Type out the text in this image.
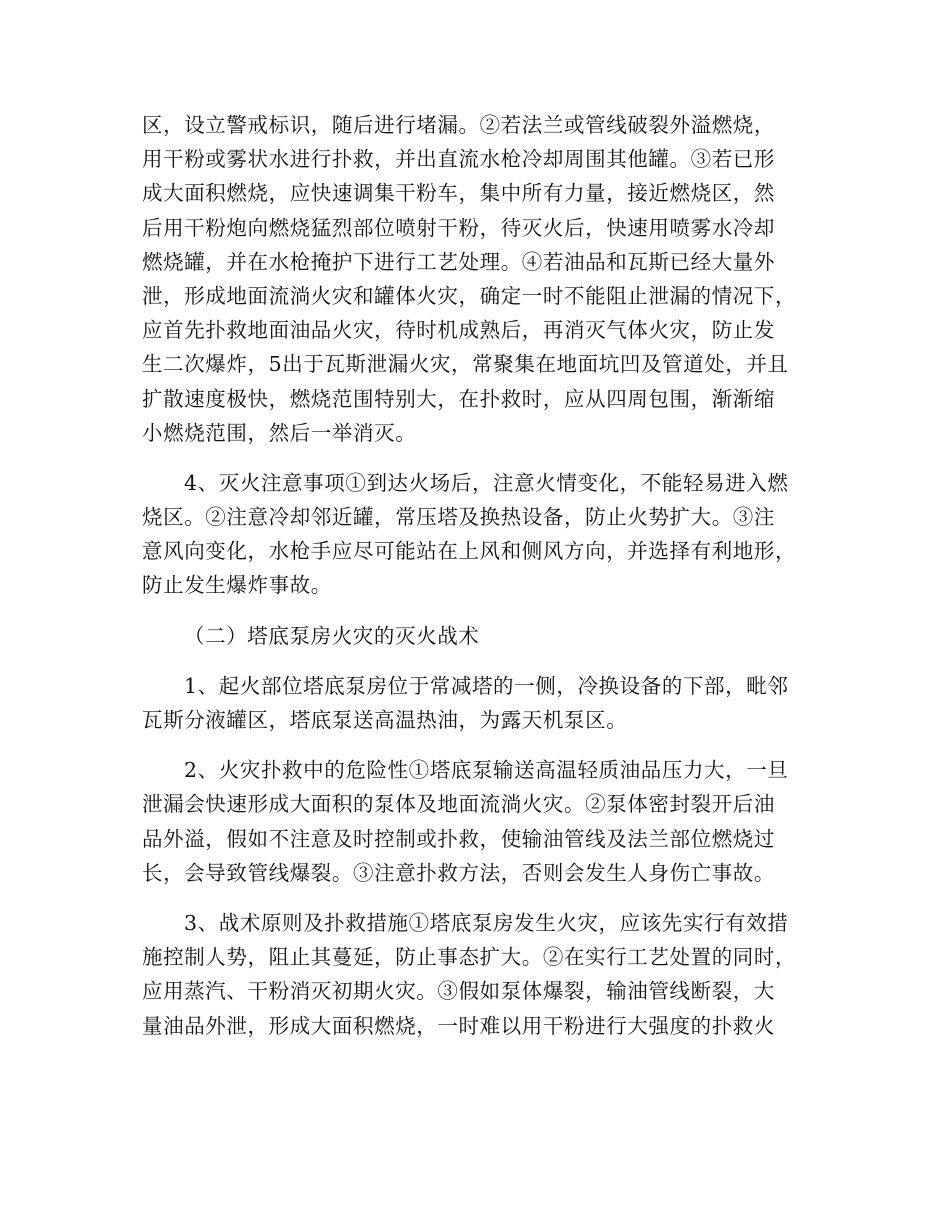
区，设立警戒标识，随后进行堵漏。②若法兰或管线破裂外溢燃烧，
用干粉或雾状水进行扑救，并出直流水枪冷却周围其他罐。③若已形
成大面积燃烧，应快速调集干粉车，集中所有力量，接近燃烧区，然
后用干粉炮向燃烧猛烈部位喷射干粉，待灭火后，快速用喷雾水冷却
燃烧罐，并在水枪掩护下进行工艺处理。④若油品和瓦斯已经大量外
泄，形成地面流淌火灾和罐体火灾，确定一时不能阻止泄漏的情况下，
应首先扑救地面油品火灾，待时机成熟后，再消灭气体火灾，防止发
生二次爆炸，5出于瓦斯泄漏火灾，常聚集在地面坑凹及管道处，并且
扩散速度极快，燃烧范围特别大，在扑救时，应从四周包围，渐渐缩
小燃烧范围，然后一举消灭。
4、灭火注意事项①到达火场后，注意火情变化，不能轻易进入燃
烧区。②注意冷却邻近罐，常压塔及换热设备，防止火势扩大。③注
意风向变化，水枪手应尽可能站在上风和侧风方向，并选择有利地形，
防止发生爆炸事故。
（二）塔底泵房火灾的灭火战术
1、起火部位塔底泵房位于常减塔的一侧，冷换设备的下部，毗邻
瓦斯分液罐区，塔底泵送高温热油，为露天机泵区。
2、火灾扑救中的危险性①塔底泵输送高温轻质油品压力大，一旦
泄漏会快速形成大面积的泵体及地面流淌火灾。②泵体密封裂开后油
品外溢，假如不注意及时控制或扑救，使输油管线及法兰部位燃烧过
长，会导致管线爆裂。③注意扑救方法，否则会发生人身伤亡事故。
3、战术原则及扑救措施①塔底泵房发生火灾，应该先实行有效措
施控制人势，阻止其蔓延，防止事态扩大。②在实行工艺处置的同时，
应用蒸汽、干粉消灭初期火灾。③假如泵体爆裂，输油管线断裂，大
量油品外泄，形成大面积燃烧，一时难以用干粉进行大强度的扑救火
